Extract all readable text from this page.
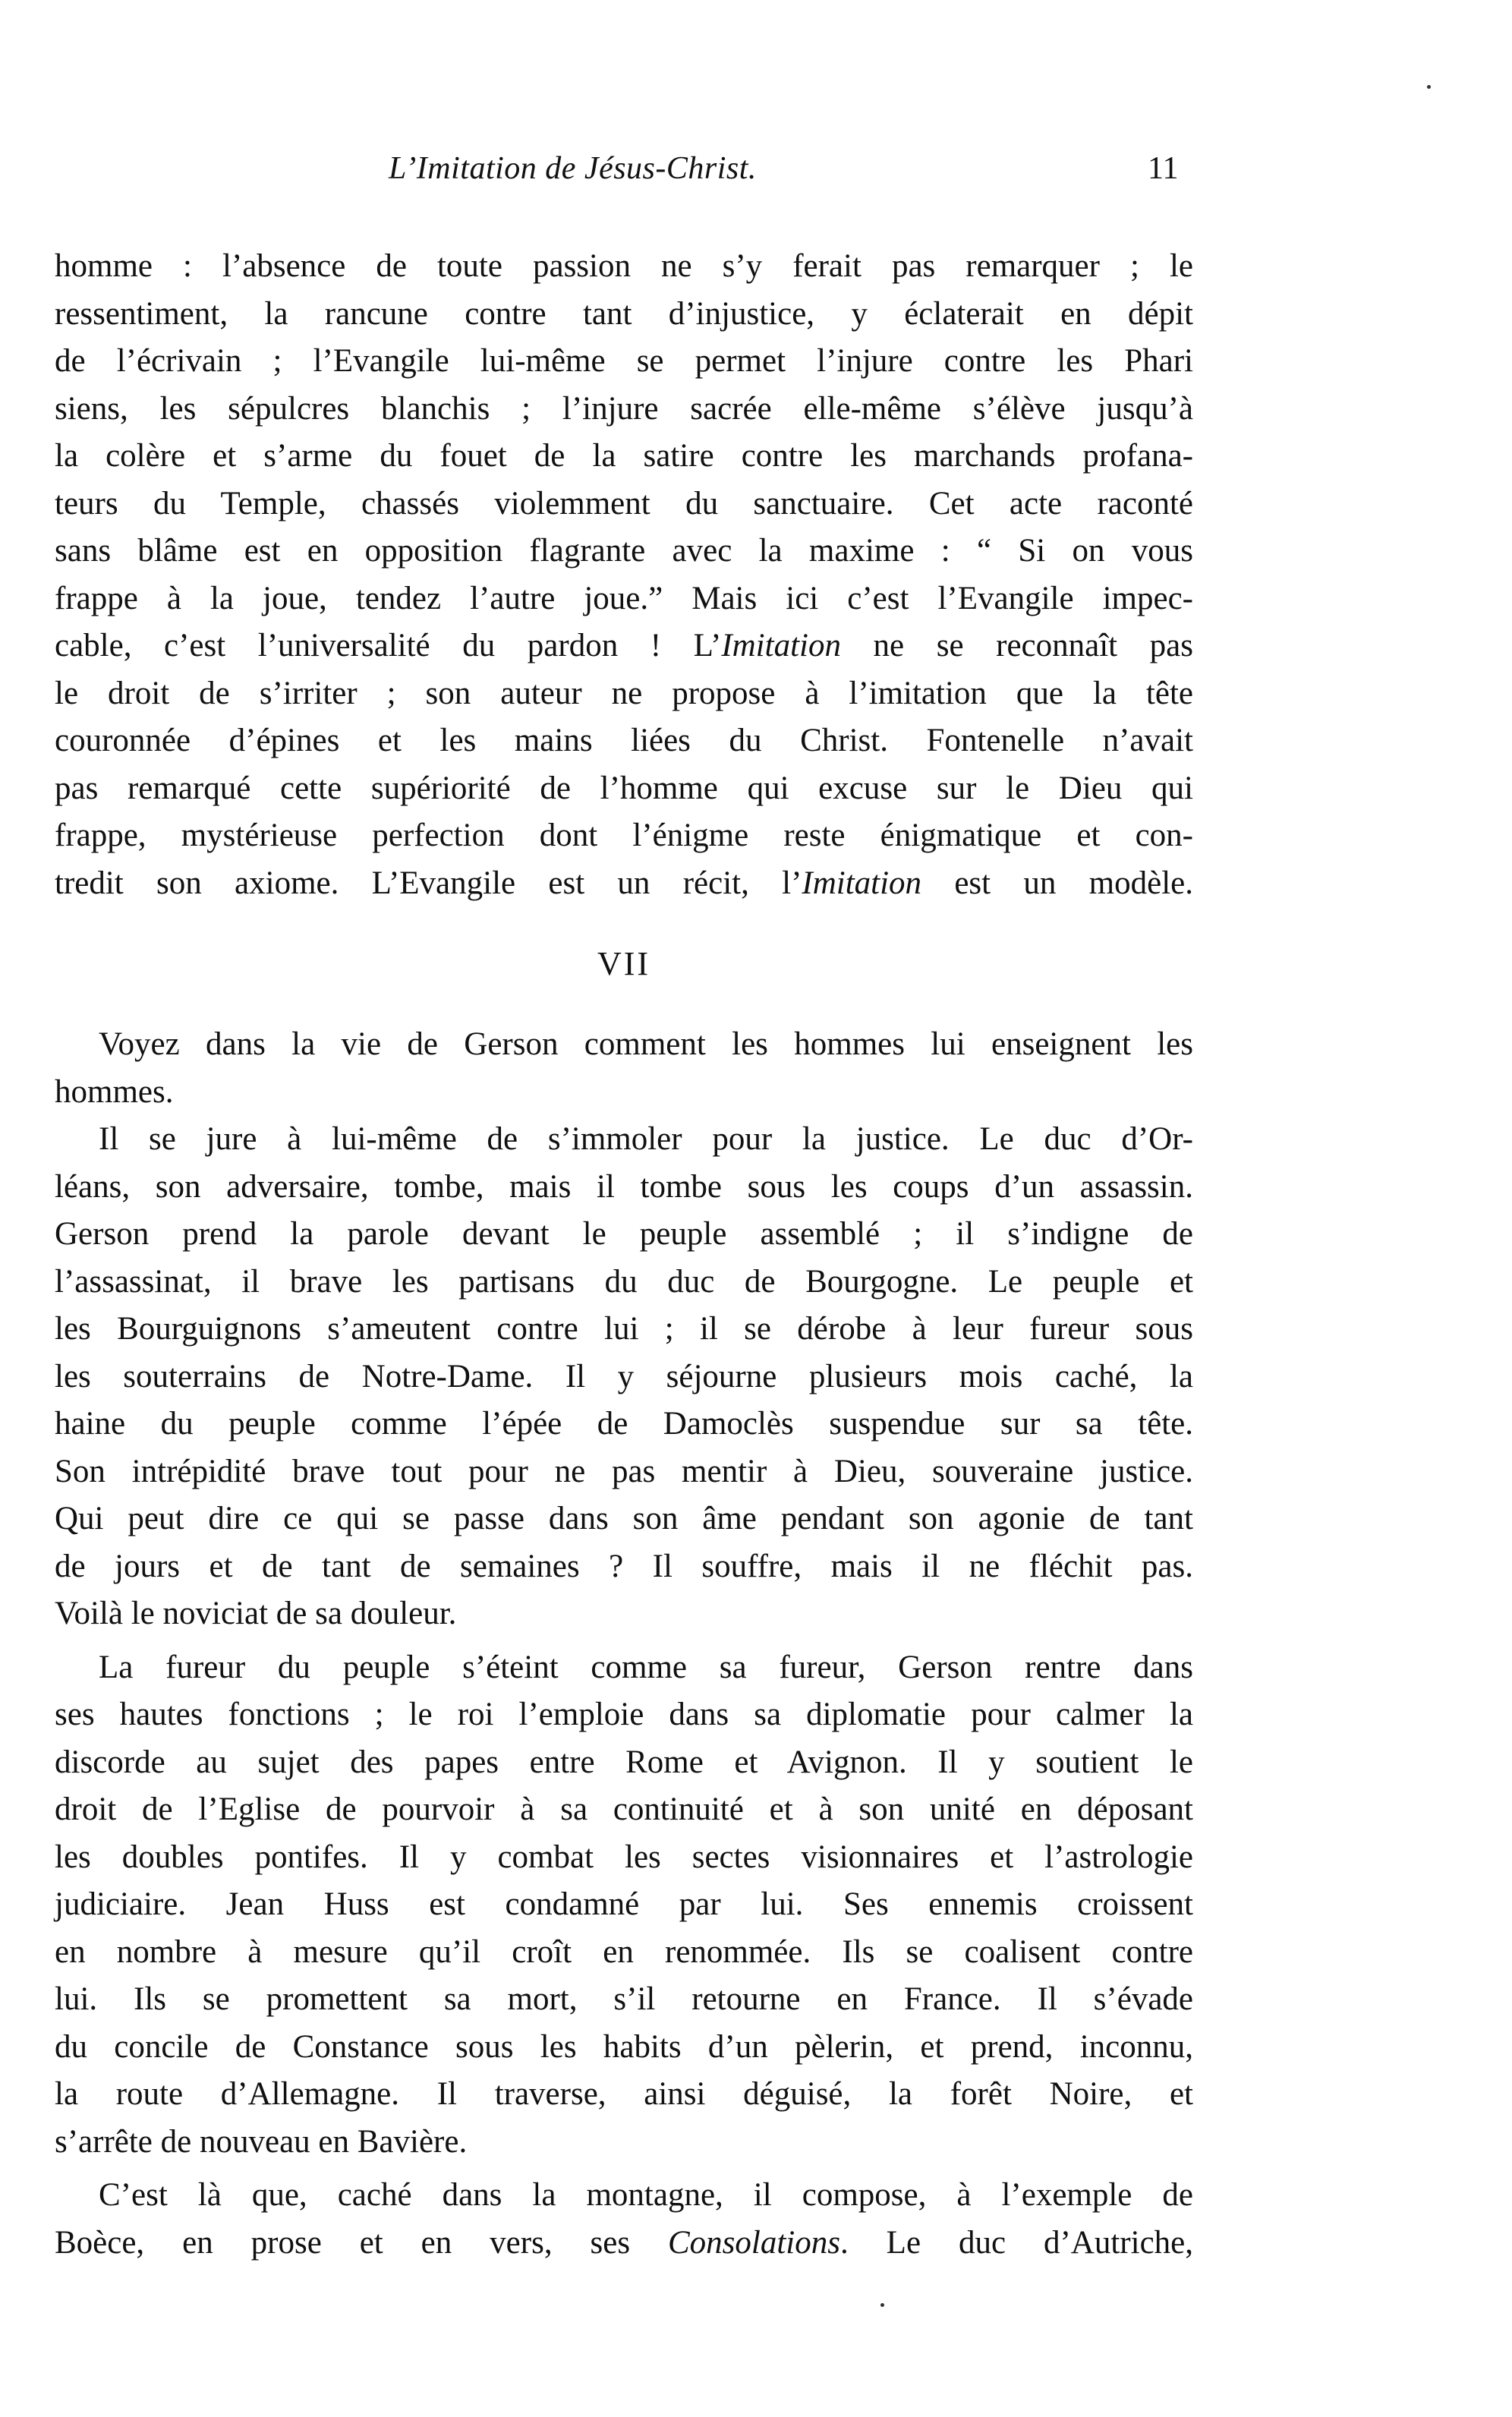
L’Imitation de Jésus-Christ.	11
homme : l’absence de toute passion ne s’y ferait pas remarquer ; le
ressentiment, la rancune contre tant d’injustice, y éclaterait en dépit
de l’écrivain ; l’Evangile lui-même se permet l’injure contre les Phari
siens, les sépulcres blanchis ; l’injure sacrée elle-même s’élève jusqu’à
la colère et s’arme du fouet de la satire contre les marchands profana-
teurs du Temple, chassés violemment du sanctuaire. Cet acte raconté
sans blâme est en opposition flagrante avec la maxime : “ Si on vous
frappe à la joue, tendez l’autre joue.” Mais ici c’est l’Evangile impec-
cable, c’est l’universalité du pardon ! L’Imitation ne se reconnaît pas
le droit de s’irriter ; son auteur ne propose à l’imitation que la tête
couronnée d’épines et les mains liées du Christ. Fontenelle n’avait
pas remarqué cette supériorité de l’homme qui excuse sur le Dieu qui
frappe, mystérieuse perfection dont l’énigme reste énigmatique et con-
tredit son axiome. L’Evangile est un récit, l’Imitation est un modèle.
VII
Voyez dans la vie de Gerson comment les hommes lui enseignent les
hommes.
Il se jure à lui-même de s’immoler pour la justice. Le duc d’Or-
léans, son adversaire, tombe, mais il tombe sous les coups d’un assassin.
Gerson prend la parole devant le peuple assemblé ; il s’indigne de
l’assassinat, il brave les partisans du duc de Bourgogne. Le peuple et
les Bourguignons s’ameutent contre lui ; il se dérobe à leur fureur sous
les souterrains de Notre-Dame. Il y séjourne plusieurs mois caché, la
haine du peuple comme l’épée de Damoclès suspendue sur sa tête.
Son intrépidité brave tout pour ne pas mentir à Dieu, souveraine justice.
Qui peut dire ce qui se passe dans son âme pendant son agonie de tant
de jours et de tant de semaines ? Il souffre, mais il ne fléchit pas.
Voilà le noviciat de sa douleur.
La fureur du peuple s’éteint comme sa fureur, Gerson rentre dans
ses hautes fonctions ; le roi l’emploie dans sa diplomatie pour calmer la
discorde au sujet des papes entre Rome et Avignon. Il y soutient le
droit de l’Eglise de pourvoir à sa continuité et à son unité en déposant
les doubles pontifes. Il y combat les sectes visionnaires et l’astrologie
judiciaire. Jean Huss est condamné par lui. Ses ennemis croissent
en nombre à mesure qu’il croît en renommée. Ils se coalisent contre
lui. Ils se promettent sa mort, s’il retourne en France. Il s’évade
du concile de Constance sous les habits d’un pèlerin, et prend, inconnu,
la route d’Allemagne. Il traverse, ainsi déguisé, la forêt Noire, et
s’arrête de nouveau en Bavière.
C’est là que, caché dans la montagne, il compose, à l’exemple de
Boèce, en prose et en vers, ses Consolations. Le duc d’Autriche,
